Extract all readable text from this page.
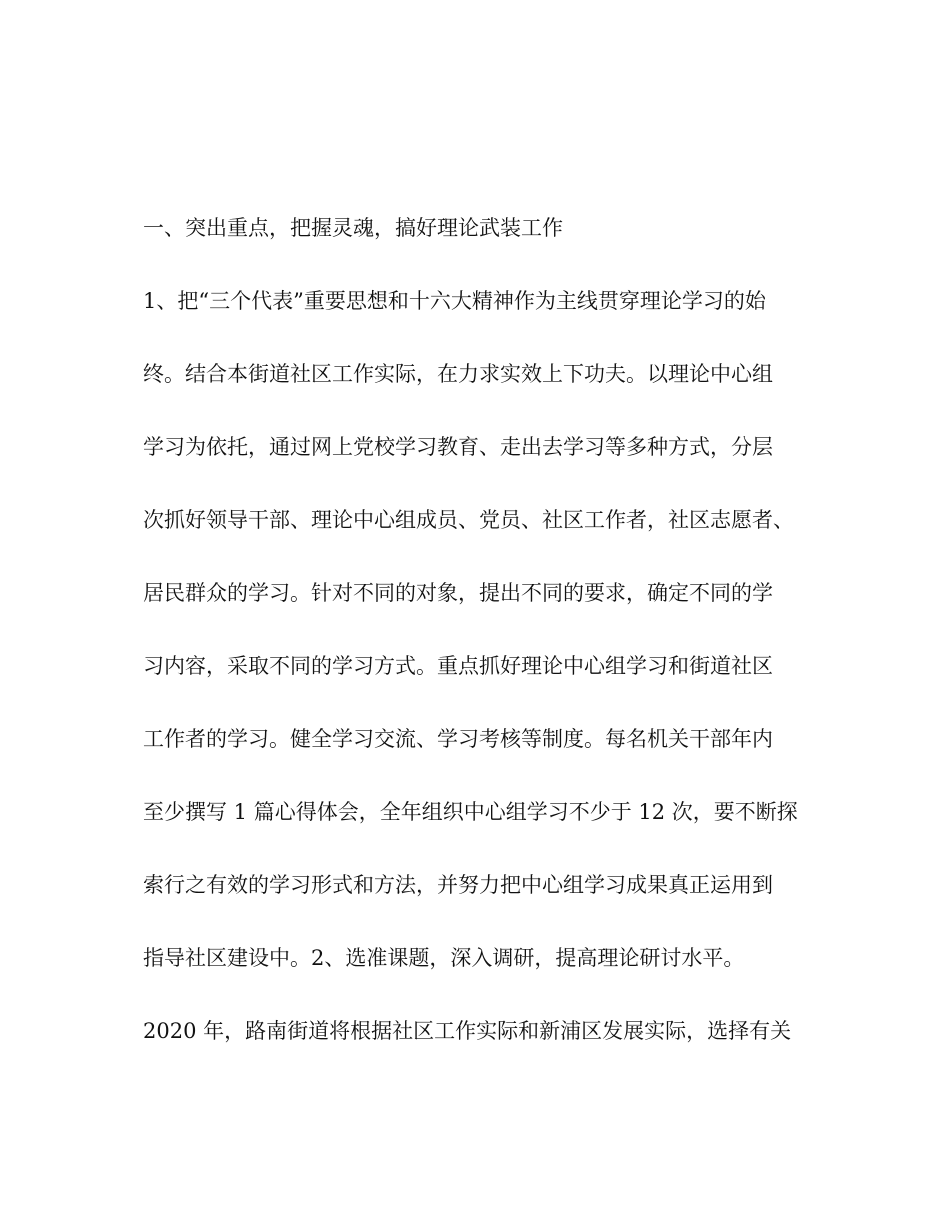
一、突出重点，把握灵魂，搞好理论武装工作
1、把“三个代表”重要思想和十六大精神作为主线贯穿理论学习的始
终。结合本街道社区工作实际，在力求实效上下功夫。以理论中心组
学习为依托，通过网上党校学习教育、走出去学习等多种方式，分层
次抓好领导干部、理论中心组成员、党员、社区工作者，社区志愿者、
居民群众的学习。针对不同的对象，提出不同的要求，确定不同的学
习内容，采取不同的学习方式。重点抓好理论中心组学习和街道社区
工作者的学习。健全学习交流、学习考核等制度。每名机关干部年内
至少撰写 1 篇心得体会，全年组织中心组学习不少于 12 次，要不断探
索行之有效的学习形式和方法，并努力把中心组学习成果真正运用到
指导社区建设中。2、选准课题，深入调研，提高理论研讨水平。
2020 年，路南街道将根据社区工作实际和新浦区发展实际，选择有关
